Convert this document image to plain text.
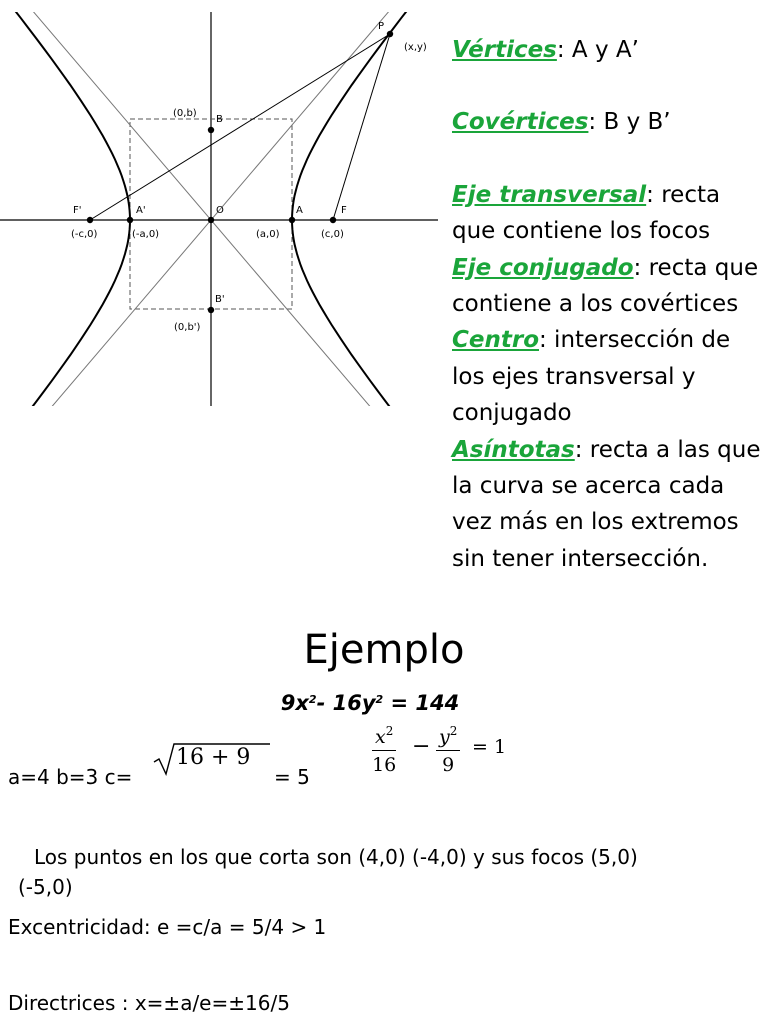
P
(x,y)
(0,b)
B
F'	A'	O	A	F
(-c,0)	(-a,0)	(a,0)	(c,0)
B'
(0,b')

Vértices: A y A’

Covértices: B y B’

Eje transversal: recta que contiene los focos

Eje conjugado: recta que contiene a los covértices

Centro: intersección de los ejes transversal y conjugado

Asíntotas: recta a las que la curva se acerca cada vez más en los extremos sin tener intersección.

Ejemplo
$9x^2-$ $16y^2 = 144$
a=4 b=3 c=
16 + 9
= 5	$\frac{x^2}{16} - \frac{y^2}{9} = 1$
Los puntos en los que corta son (4,0) (-4,0) y sus focos (5,0)
(-5,0)
Excentricidad: e =c/a = 5/4 > 1
Directrices : x=±a/e=±16/5
